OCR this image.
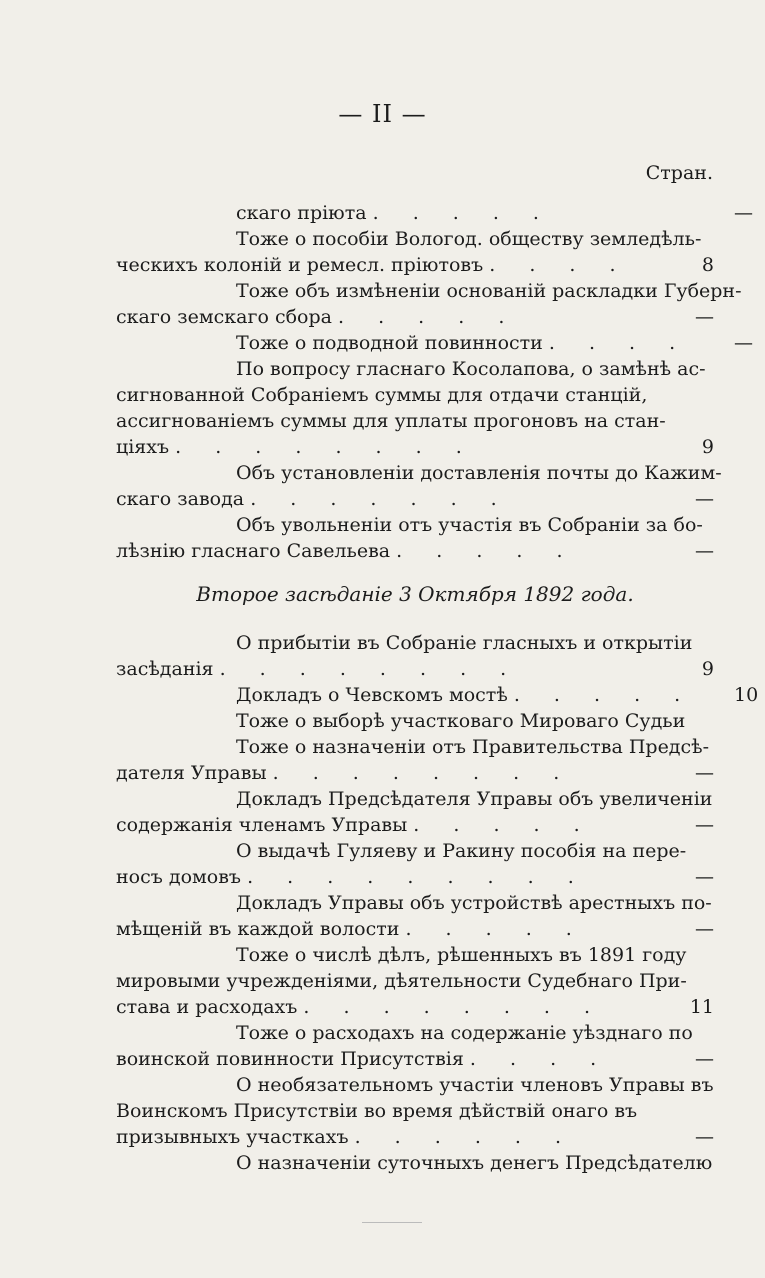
— II —
Стран.
скаго пріюта . . . . .	—
Тоже о пособіи Вологод. обществу земледѣль-
ческихъ колоній и ремесл. пріютовъ . . . .	8
Тоже объ измѣненіи основаній раскладки Губерн-
скаго земскаго сбора . . . . .	—
Тоже о подводной повинности . . . .	—
По вопросу гласнаго Косолапова, о замѣнѣ ас-
сигнованной Собраніемъ суммы для отдачи станцій,
ассигнованіемъ суммы для уплаты прогоновъ на стан-
ціяхъ . . . . . . . .	9
Объ установленіи доставленія почты до Кажим-
скаго завода . . . . . . .	—
Объ увольненіи отъ участія въ Собраніи за бо-
лѣзнію гласнаго Савельева . . . . .	—
Второе засѣданіе 3 Октября 1892 года.
О прибытіи въ Собраніе гласныхъ и открытіи
засѣданія . . . . . . . .	9
Докладъ о Чевскомъ мостѣ . . . . .	10
Тоже о выборѣ участковаго Мироваго Судьи
Тоже о назначеніи отъ Правительства Предсѣ-
дателя Управы . . . . . . . .	—
Докладъ Предсѣдателя Управы объ увеличеніи
содержанія членамъ Управы . . . . .	—
О выдачѣ Гуляеву и Ракину пособія на пере-
носъ домовъ . . . . . . . . .	—
Докладъ Управы объ устройствѣ арестныхъ по-
мѣщеній въ каждой волости . . . . .	—
Тоже о числѣ дѣлъ, рѣшенныхъ въ 1891 году
мировыми учрежденіями, дѣятельности Судебнаго При-
става и расходахъ . . . . . . . .	11
Тоже о расходахъ на содержаніе уѣзднаго по
воинской повинности Присутствія . . . .	—
О необязательномъ участіи членовъ Управы въ
Воинскомъ Присутствіи во время дѣйствій онаго въ
призывныхъ участкахъ . . . . . .	—
О назначеніи суточныхъ денегъ Предсѣдателю
